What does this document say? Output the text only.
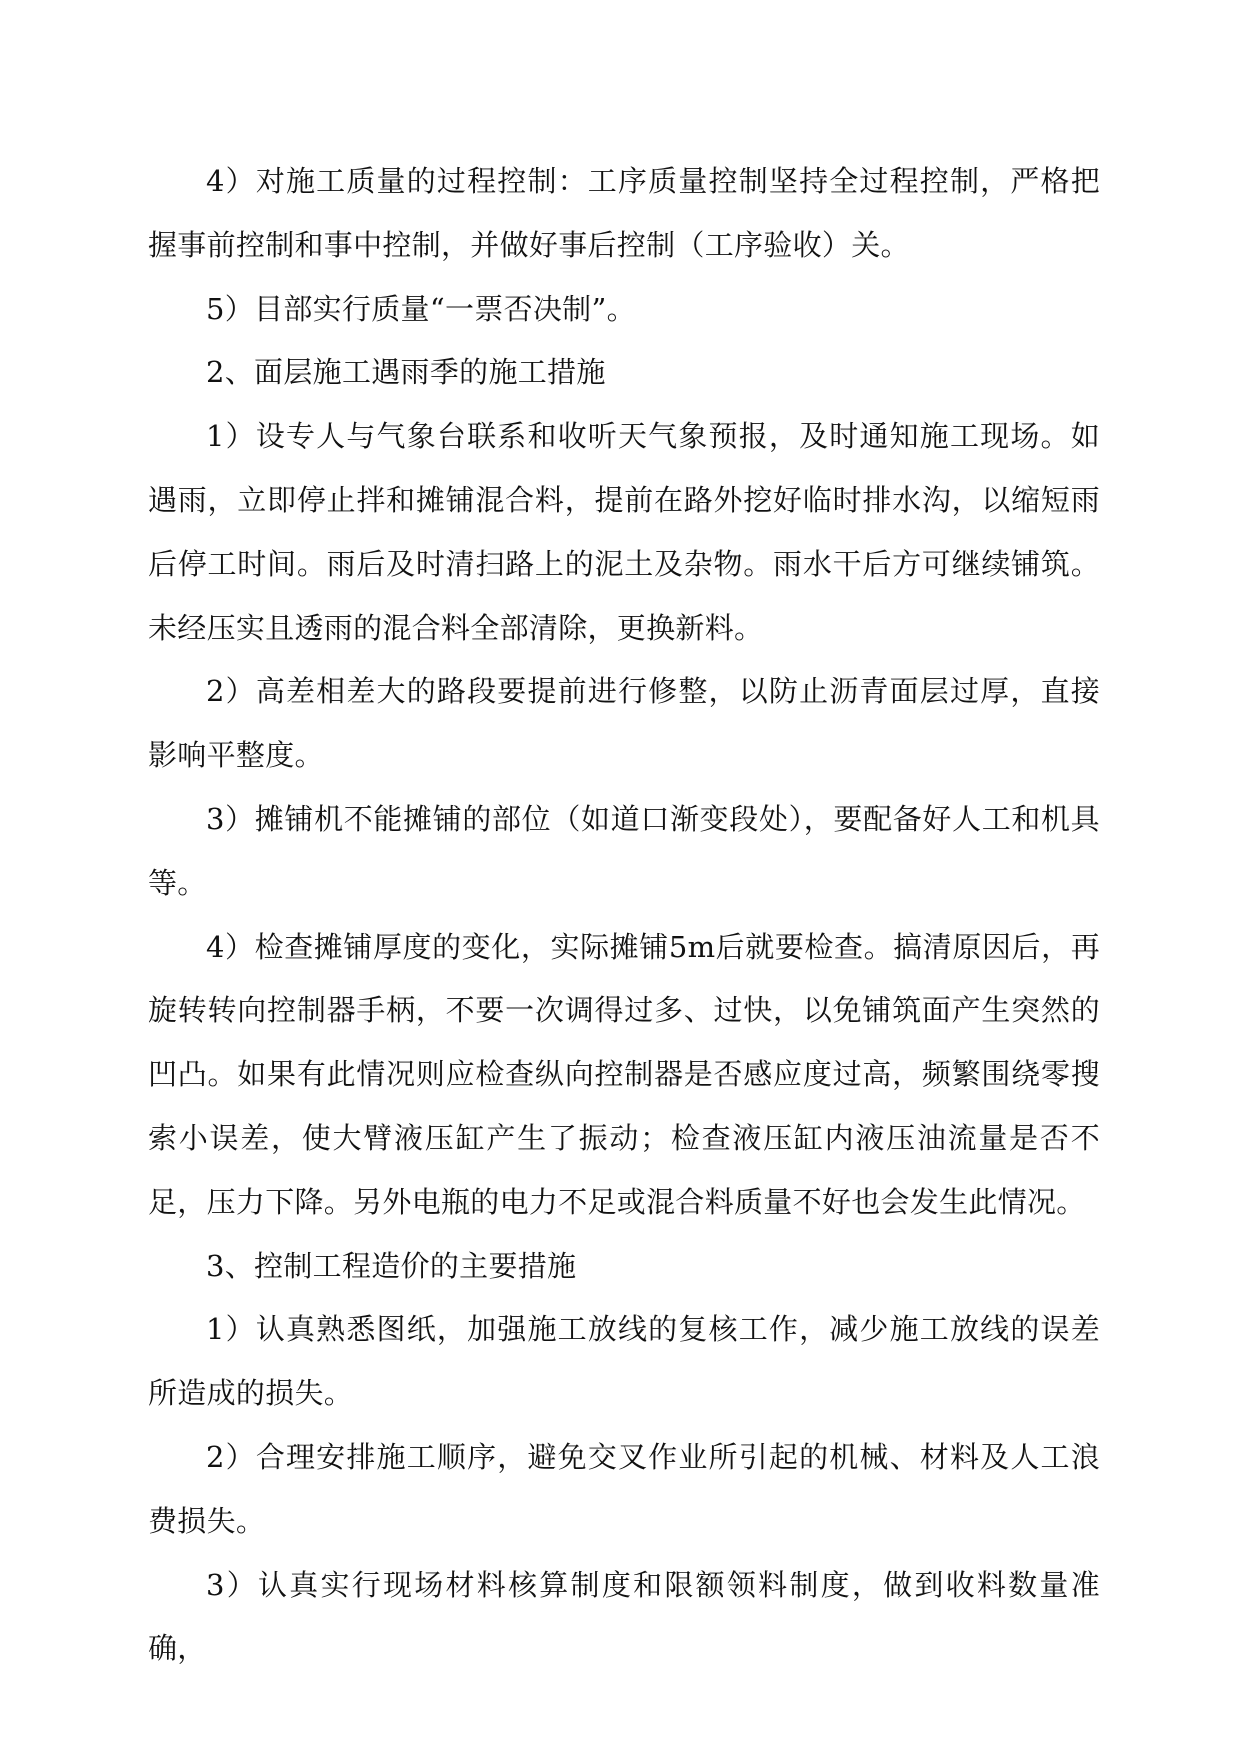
4）对施工质量的过程控制：工序质量控制坚持全过程控制，严格把握事前控制和事中控制，并做好事后控制（工序验收）关。

5）目部实行质量“一票否决制”。

2、面层施工遇雨季的施工措施

1）设专人与气象台联系和收听天气象预报，及时通知施工现场。如遇雨，立即停止拌和摊铺混合料，提前在路外挖好临时排水沟，以缩短雨后停工时间。雨后及时清扫路上的泥土及杂物。雨水干后方可继续铺筑。未经压实且透雨的混合料全部清除，更换新料。

2）高差相差大的路段要提前进行修整，以防止沥青面层过厚，直接影响平整度。

3）摊铺机不能摊铺的部位（如道口渐变段处），要配备好人工和机具等。

4）检查摊铺厚度的变化，实际摊铺5m后就要检查。搞清原因后，再旋转转向控制器手柄，不要一次调得过多、过快，以免铺筑面产生突然的凹凸。如果有此情况则应检查纵向控制器是否感应度过高，频繁围绕零搜索小误差，使大臂液压缸产生了振动；检查液压缸内液压油流量是否不足，压力下降。另外电瓶的电力不足或混合料质量不好也会发生此情况。

3、控制工程造价的主要措施

1）认真熟悉图纸，加强施工放线的复核工作，减少施工放线的误差所造成的损失。

2）合理安排施工顺序，避免交叉作业所引起的机械、材料及人工浪费损失。

3）认真实行现场材料核算制度和限额领料制度，做到收料数量准确，
